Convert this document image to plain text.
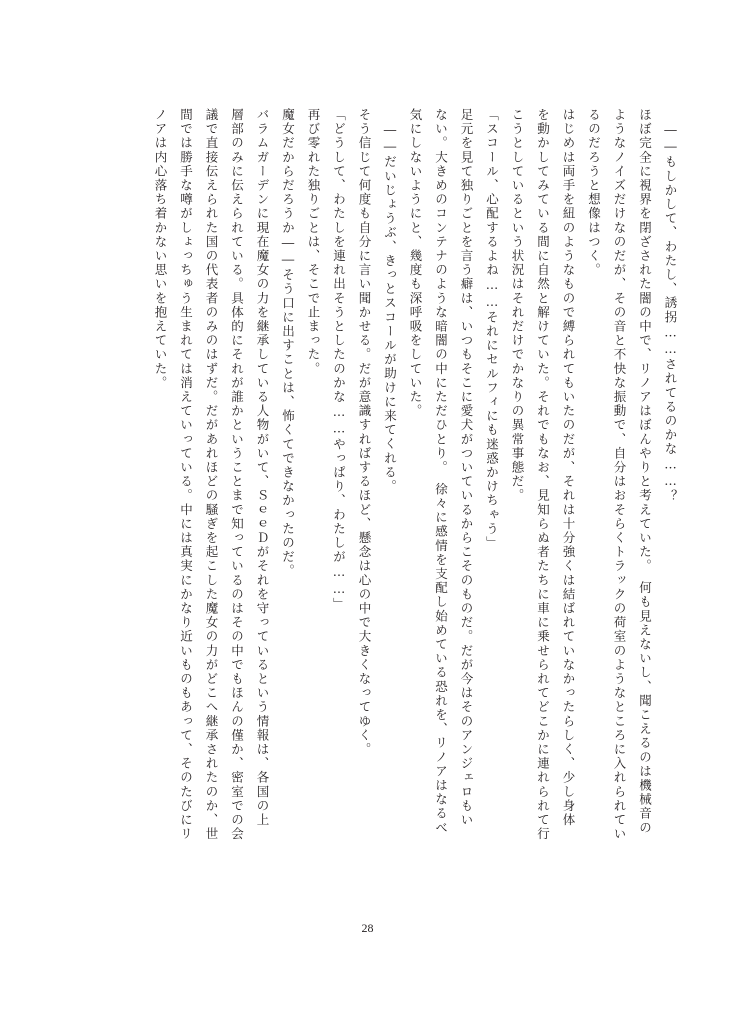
――もしかして、わたし、誘拐……されてるのかな……？
ほぼ完全に視界を閉ざされた闇の中で、リノアはぼんやりと考えていた。　何も見えないし、聞こえるのは機械音の
ようなノイズだけなのだが、その音と不快な振動で、自分はおそらくトラックの荷室のようなところに入れられてい
るのだろうと想像はつく。
はじめは両手を紐のようなもので縛られてもいたのだが、それは十分強くは結ばれていなかったらしく、少し身体
を動かしてみている間に自然と解けていた。それでもなお、見知らぬ者たちに車に乗せられてどこかに連れられて行
こうとしているという状況はそれだけでかなりの異常事態だ。
「スコール、心配するよね……それにセルフィにも迷惑かけちゃう」
足元を見て独りごとを言う癖は、いつもそこに愛犬がついているからこそのものだ。だが今はそのアンジェロもい
ない。大きめのコンテナのような暗闇の中にただひとり。　徐々に感情を支配し始めている恐れを、リノアはなるべ
気にしないようにと、幾度も深呼吸をしていた。
――だいじょうぶ、きっとスコールが助けに来てくれる。
そう信じて何度も自分に言い聞かせる。だが意識すればするほど、懸念は心の中で大きくなってゆく。
「どうして、わたしを連れ出そうとしたのかな……やっぱり、わたしが……」
再び零れた独りごとは、そこで止まった。
魔女だからだろうか――そう口に出すことは、怖くてできなかったのだ。
バラムガーデンに現在魔女の力を継承している人物がいて、ＳｅｅＤがそれを守っているという情報は、各国の上
層部のみに伝えられている。具体的にそれが誰かということまで知っているのはその中でもほんの僅か、密室での会
議で直接伝えられた国の代表者のみのはずだ。だがあれほどの騒ぎを起こした魔女の力がどこへ継承されたのか、世
間では勝手な噂がしょっちゅう生まれては消えていっている。中には真実にかなり近いものもあって、そのたびにリ
ノアは内心落ち着かない思いを抱えていた。
28
